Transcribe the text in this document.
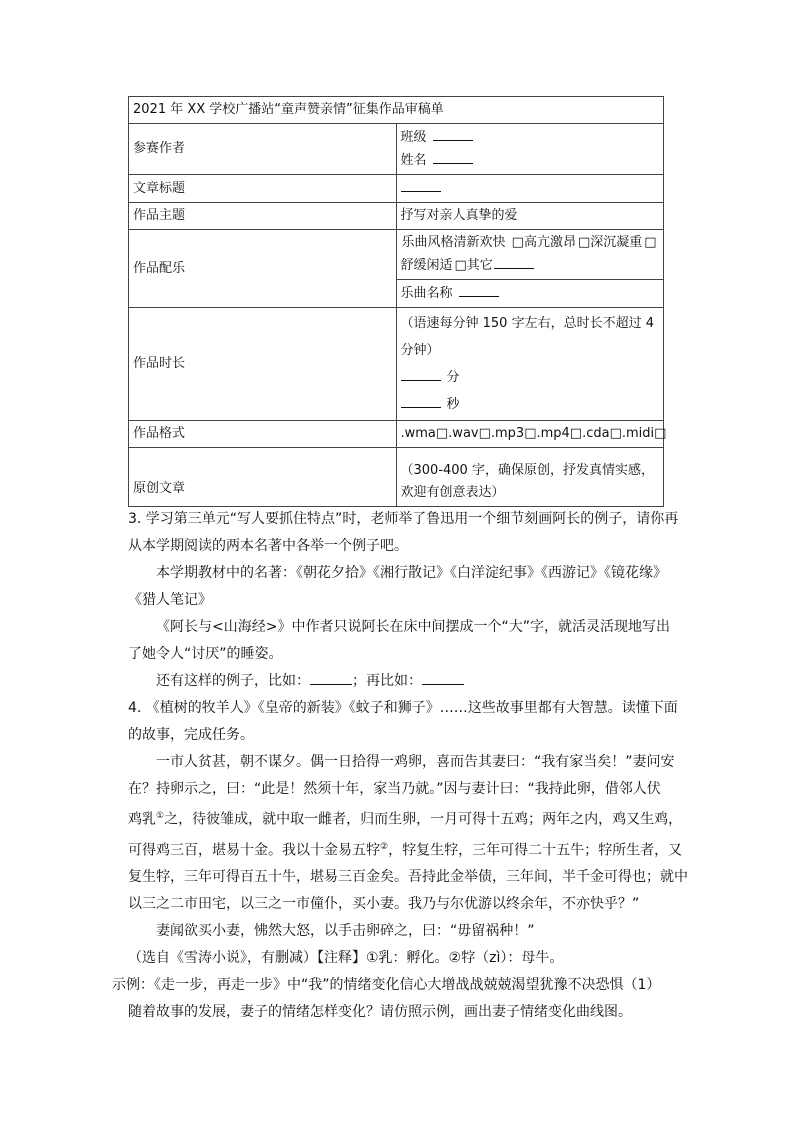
2021 年 XX 学校广播站“童声赞亲情”征集作品审稿单	
参赛作者	班级
姓名

文章标题	
作品主题	抒写对亲人真挚的爱
作品配乐	乐曲风格清新欢快 □高亢激昂 □深沉凝重 □舒缓闲适 □其它
	乐曲名称
作品时长	（语速每分钟 150 字左右，总时长不超过 4 分钟）
分
秒

作品格式	.wma□.wav□.mp3□.mp4□.cda□.midi□
原创文章	（300-400 字，确保原创，抒发真情实感，欢迎有创意表达）

3. 学习第三单元“写人要抓住特点”时，老师举了鲁迅用一个细节刻画阿长的例子，请你再

从本学期阅读的两本名著中各举一个例子吧。

本学期教材中的名著：《朝花夕拾》《湘行散记》《白洋淀纪事》《西游记》《镜花缘》

《猎人笔记》

《阿长与<山海经>》中作者只说阿长在床中间摆成一个“大”字，就活灵活现地写出

了她令人“讨厌”的睡姿。

还有这样的例子，比如：	；再比如：

4. 《植树的牧羊人》《皇帝的新装》《蚊子和狮子》……这些故事里都有大智慧。读懂下面

的故事，完成任务。

一市人贫甚，朝不谋夕。偶一日拾得一鸡卵，喜而告其妻曰：“我有家当矣！”妻问安

在？持卵示之，曰：“此是！然须十年，家当乃就。”因与妻计曰：“我持此卵，借邻人伏

鸡乳①之，待彼雏成，就中取一雌者，归而生卵，一月可得十五鸡；两年之内，鸡又生鸡，

可得鸡三百，堪易十金。我以十金易五牸②，牸复生牸，三年可得二十五牛；牸所生者，又

复生牸，三年可得百五十牛，堪易三百金矣。吾持此金举债，三年间，半千金可得也；就中

以三之二市田宅，以三之一市僮仆，买小妻。我乃与尔优游以终余年，不亦快乎？”

妻闻欲买小妻，怫然大怒，以手击卵碎之，曰：“毋留祸种！”

（选自《雪涛小说》，有删减）【注释】①乳：孵化。②牸（zì）：母牛。

示例：《走一步，再走一步》中“我”的情绪变化信心大增战战兢兢渴望犹豫不决恐惧（1）

随着故事的发展，妻子的情绪怎样变化？请仿照示例，画出妻子情绪变化曲线图。
